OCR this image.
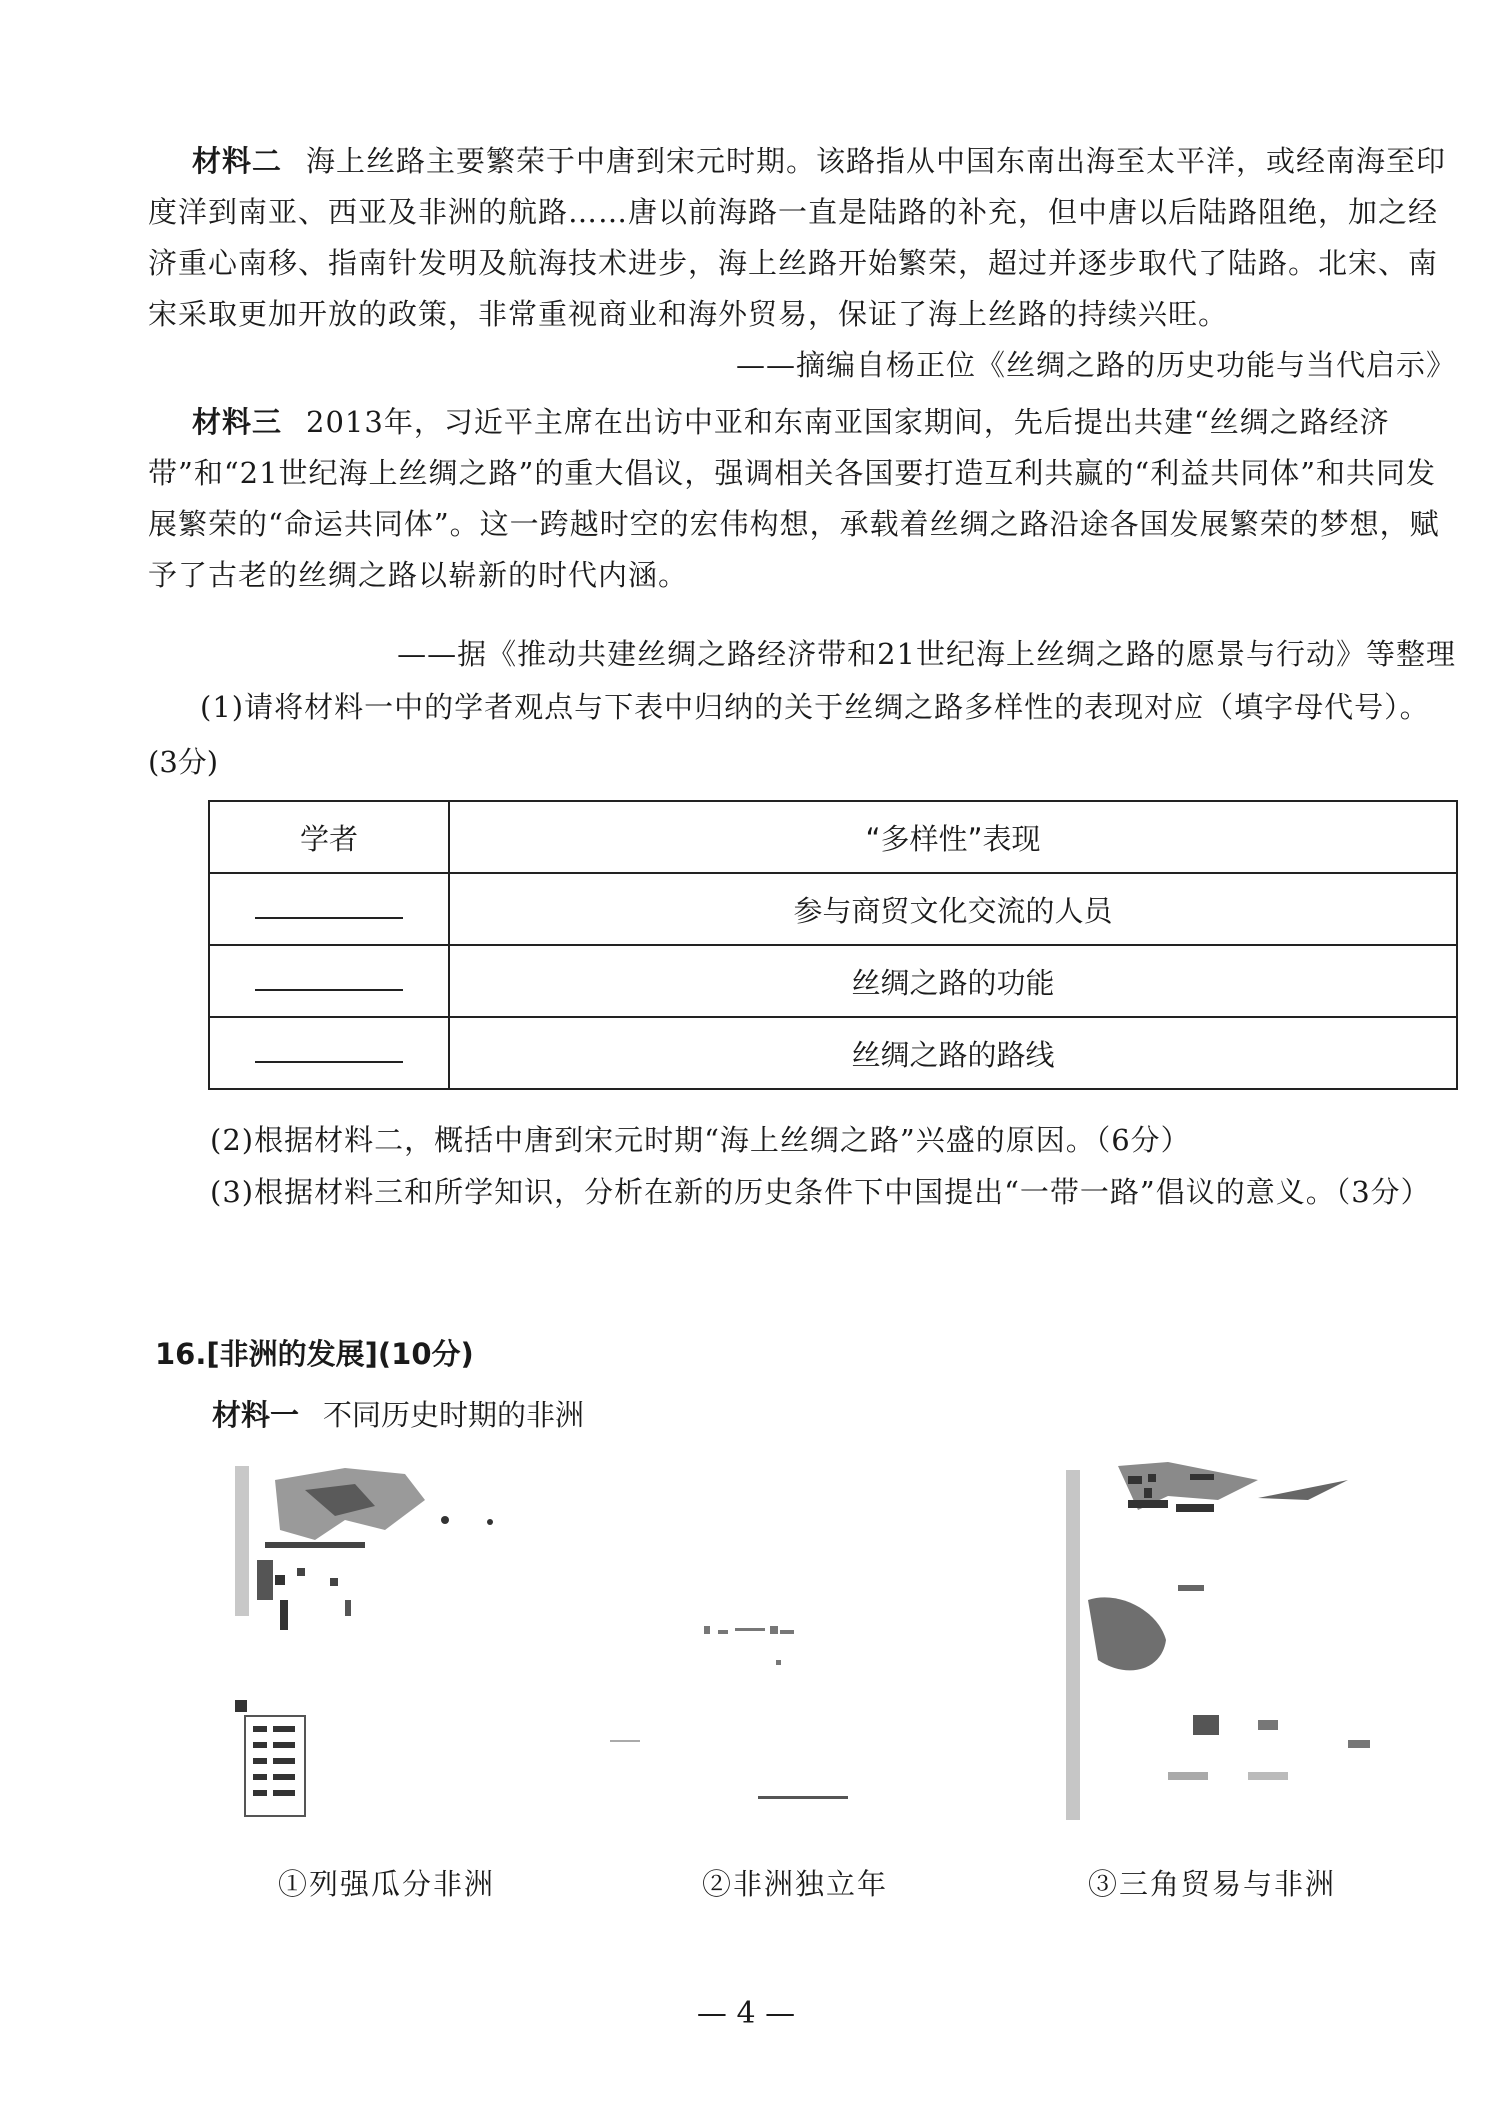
材料二 海上丝路主要繁荣于中唐到宋元时期。该路指从中国东南出海至太平洋，或经南海至印度洋到南亚、西亚及非洲的航路……唐以前海路一直是陆路的补充，但中唐以后陆路阻绝，加之经济重心南移、指南针发明及航海技术进步，海上丝路开始繁荣，超过并逐步取代了陆路。北宋、南宋采取更加开放的政策，非常重视商业和海外贸易，保证了海上丝路的持续兴旺。
——摘编自杨正位《丝绸之路的历史功能与当代启示》
材料三 2013年，习近平主席在出访中亚和东南亚国家期间，先后提出共建“丝绸之路经济带”和“21世纪海上丝绸之路”的重大倡议，强调相关各国要打造互利共赢的“利益共同体”和共同发展繁荣的“命运共同体”。这一跨越时空的宏伟构想，承载着丝绸之路沿途各国发展繁荣的梦想，赋予了古老的丝绸之路以崭新的时代内涵。
——据《推动共建丝绸之路经济带和21世纪海上丝绸之路的愿景与行动》等整理
(1)请将材料一中的学者观点与下表中归纳的关于丝绸之路多样性的表现对应（填字母代号）。
(3分)
学者	“多样性”表现
	参与商贸文化交流的人员
	丝绸之路的功能
	丝绸之路的路线
(2)根据材料二，概括中唐到宋元时期“海上丝绸之路”兴盛的原因。（6分）
(3)根据材料三和所学知识，分析在新的历史条件下中国提出“一带一路”倡议的意义。（3分）
16.[非洲的发展](10分)
材料一 不同历史时期的非洲
①列强瓜分非洲	②非洲独立年	③三角贸易与非洲
— 4 —
